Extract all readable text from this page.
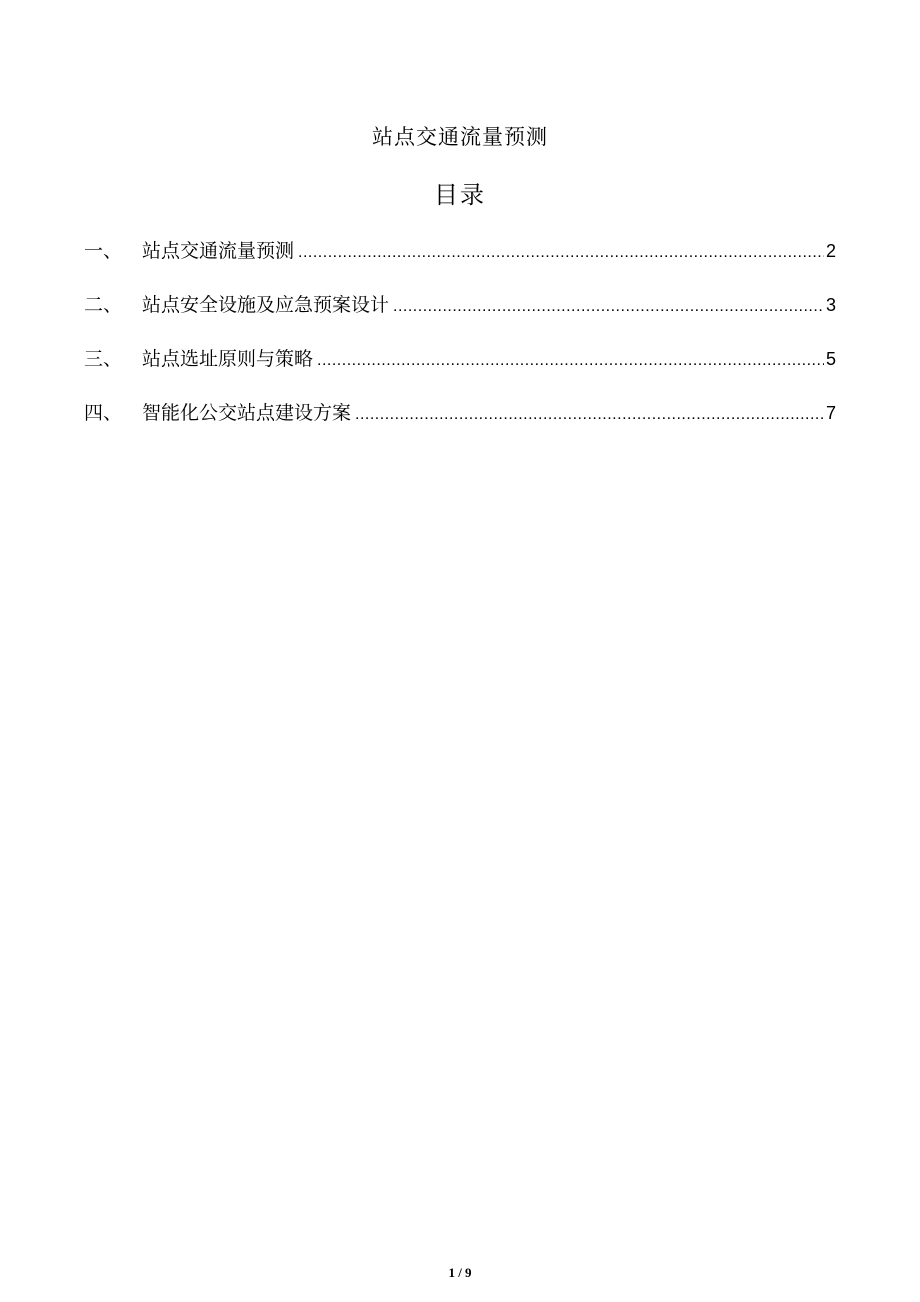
站点交通流量预测
目录
一、	站点交通流量预测 .....	2
二、	站点安全设施及应急预案设计 .....	3
三、	站点选址原则与策略 .....	5
四、	智能化公交站点建设方案 .....	7
1 / 9
